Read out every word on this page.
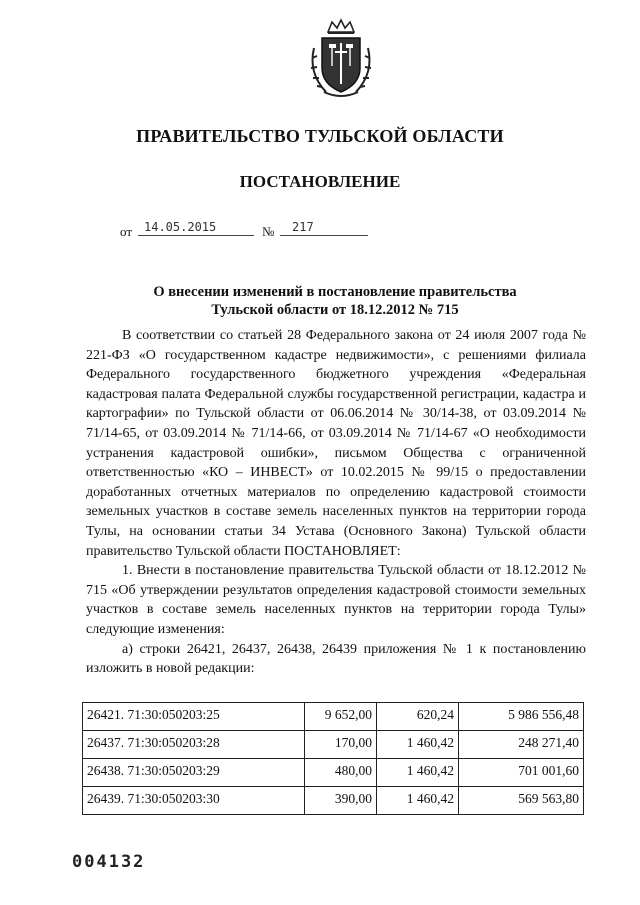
ПРАВИТЕЛЬСТВО ТУЛЬСКОЙ ОБЛАСТИ
ПОСТАНОВЛЕНИЕ
от 14.05.2015	№ 217
О внесении изменений в постановление правительства
Тульской области от 18.12.2012 № 715

В соответствии со статьей 28 Федерального закона от 24 июля 2007 года № 221-ФЗ «О государственном кадастре недвижимости», с решениями филиала Федерального государственного бюджетного учреждения «Федеральная кадастровая палата Федеральной службы государственной регистрации, кадастра и картографии» по Тульской области от 06.06.2014 № 30/14-38, от 03.09.2014 № 71/14-65, от 03.09.2014 № 71/14-66, от 03.09.2014 № 71/14-67 «О необходимости устранения кадастровой ошибки», письмом Общества с ограниченной ответственностью «КО – ИНВЕСТ» от 10.02.2015 № 99/15 о предоставлении доработанных отчетных материалов по определению кадастровой стоимости земельных участков в составе земель населенных пунктов на территории города Тулы, на основании статьи 34 Устава (Основного Закона) Тульской области правительство Тульской области ПОСТАНОВЛЯЕТ:

1. Внести в постановление правительства Тульской области от 18.12.2012 № 715 «Об утверждении результатов определения кадастровой стоимости земельных участков в составе земель населенных пунктов на территории города Тулы» следующие изменения:

а) строки 26421, 26437, 26438, 26439 приложения № 1 к постановлению изложить в новой редакции:

26421. 71:30:050203:25	9 652,00	620,24	5 986 556,48
26437. 71:30:050203:28	170,00	1 460,42	248 271,40
26438. 71:30:050203:29	480,00	1 460,42	701 001,60
26439. 71:30:050203:30	390,00	1 460,42	569 563,80
004132
